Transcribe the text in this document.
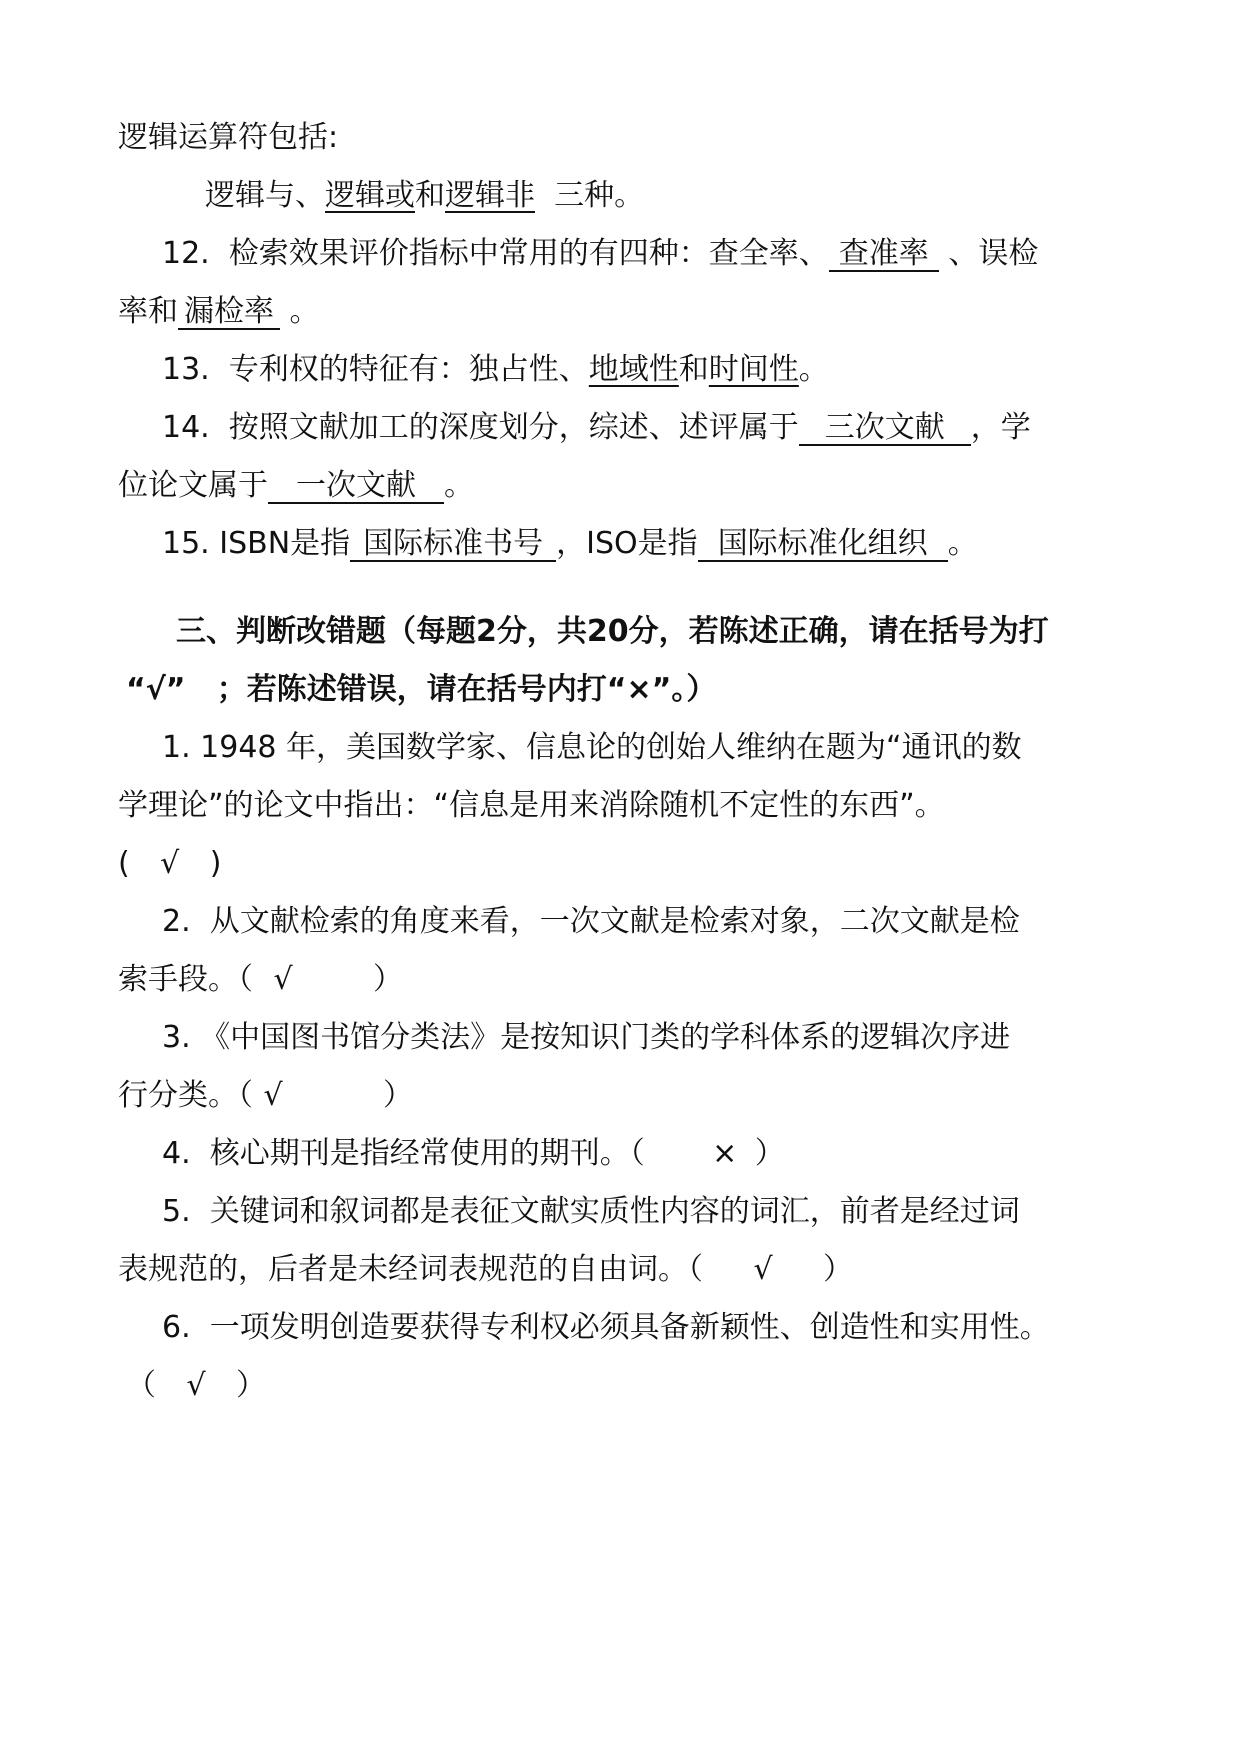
逻辑运算符包括:
逻辑与、逻辑或和逻辑非  三种。
12.  检索效果评价指标中常用的有四种：查全率、 查准率 、误检
率和 漏检率 。
13.  专利权的特征有：独占性、地域性和时间性。
14.  按照文献加工的深度划分，综述、述评属于 三次文献 ，学
位论文属于 一次文献 。
15. ISBN是指 国际标准书号 ，ISO是指 国际标准化组织 。
三、判断改错题（每题2分，共20分，若陈述正确，请在括号为打
“√”   ；若陈述错误，请在括号内打“×”。）
1. 1948 年，美国数学家、信息论的创始人维纳在题为“通讯的数
学理论”的论文中指出：“信息是用来消除随机不定性的东西”。
( √ )
2.  从文献检索的角度来看，一次文献是检索对象，二次文献是检
索手段。（ √	）
3. 《中国图书馆分类法》是按知识门类的学科体系的逻辑次序进
行分类。（ √	）
4.  核心期刊是指经常使用的期刊。（ × ）
5.  关键词和叙词都是表征文献实质性内容的词汇，前者是经过词
表规范的，后者是未经词表规范的自由词。（ √ ）
6.  一项发明创造要获得专利权必须具备新颖性、创造性和实用性。
（ √ ）
